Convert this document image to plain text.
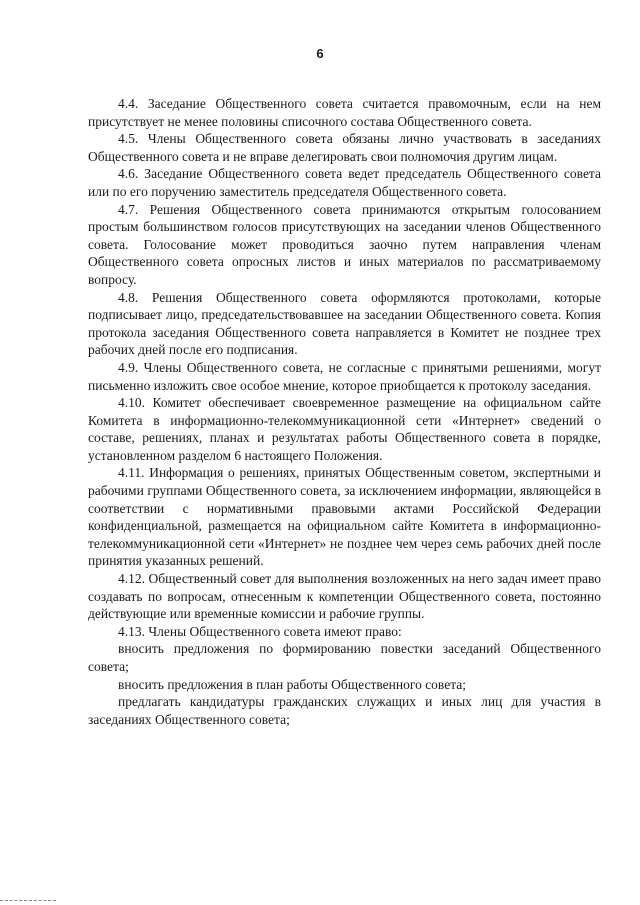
6

4.4. Заседание Общественного совета считается правомочным, если на нем присутствует не менее половины списочного состава Общественного совета.

4.5. Члены Общественного совета обязаны лично участвовать в заседаниях Общественного совета и не вправе делегировать свои полномочия другим лицам.

4.6. Заседание Общественного совета ведет председатель Общественного совета или по его поручению заместитель председателя Общественного совета.

4.7. Решения Общественного совета принимаются открытым голосованием простым большинством голосов присутствующих на заседании членов Общественного совета. Голосование может проводиться заочно путем направления членам Общественного совета опросных листов и иных материалов по рассматриваемому вопросу.

4.8. Решения Общественного совета оформляются протоколами, которые подписывает лицо, председательствовавшее на заседании Общественного совета. Копия протокола заседания Общественного совета направляется в Комитет не позднее трех рабочих дней после его подписания.

4.9. Члены Общественного совета, не согласные с принятыми решениями, могут письменно изложить свое особое мнение, которое приобщается к протоколу заседания.

4.10. Комитет обеспечивает своевременное размещение на официальном сайте Комитета в информационно-телекоммуникационной сети «Интернет» сведений о составе, решениях, планах и результатах работы Общественного совета в порядке, установленном разделом 6 настоящего Положения.

4.11. Информация о решениях, принятых Общественным советом, экспертными и рабочими группами Общественного совета, за исключением информации, являющейся в соответствии с нормативными правовыми актами Российской Федерации конфиденциальной, размещается на официальном сайте Комитета в информационно-телекоммуникационной сети «Интернет» не позднее чем через семь рабочих дней после принятия указанных решений.

4.12. Общественный совет для выполнения возложенных на него задач имеет право создавать по вопросам, отнесенным к компетенции Общественного совета, постоянно действующие или временные комиссии и рабочие группы.

4.13. Члены Общественного совета имеют право:

вносить предложения по формированию повестки заседаний Общественного совета;

вносить предложения в план работы Общественного совета;

предлагать кандидатуры гражданских служащих и иных лиц для участия в заседаниях Общественного совета;
